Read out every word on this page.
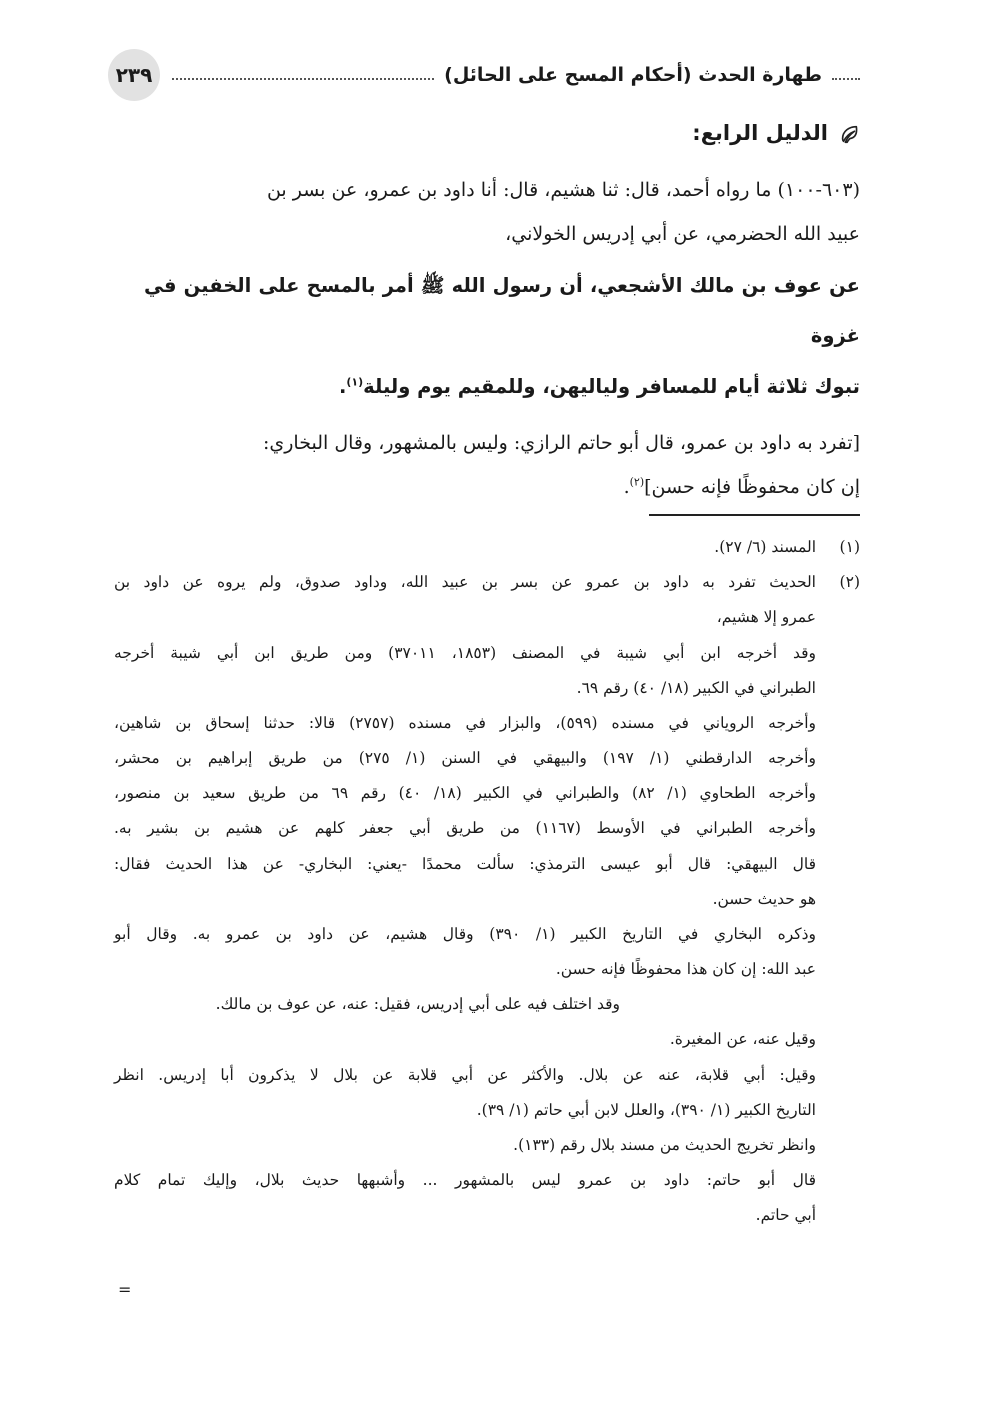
طهارة الحدث (أحكام المسح على الحائل)
٢٣٩
الدليل الرابع:

(٦٠٣-١٠٠) ما رواه أحمد، قال: ثنا هشيم، قال: أنا داود بن عمرو، عن بسر بن
عبيد الله الحضرمي، عن أبي إدريس الخولاني،

عن عوف بن مالك الأشجعي، أن رسول الله ﷺ أمر بالمسح على الخفين في غزوة
تبوك ثلاثة أيام للمسافر ولياليهن، وللمقيم يوم وليلة$^{(١)}$.

[تفرد به داود بن عمرو، قال أبو حاتم الرازي: وليس بالمشهور، وقال البخاري:
إن كان محفوظًا فإنه حسن]$^{(٢)}$.

(١)
المسند (٦/ ٢٧).
(٢)
الحديث تفرد به داود بن عمرو عن بسر بن عبيد الله، وداود صدوق، ولم يروه عن داود بن
عمرو إلا هشيم،
وقد أخرجه ابن أبي شيبة في المصنف (١٨٥٣، ٣٧٠١١) ومن طريق ابن أبي شيبة أخرجه
الطبراني في الكبير (١٨/ ٤٠) رقم ٦٩.
وأخرجه الروياني في مسنده (٥٩٩)، والبزار في مسنده (٢٧٥٧) قالا: حدثنا إسحاق بن شاهين،
وأخرجه الدارقطني (١/ ١٩٧) والبيهقي في السنن (١/ ٢٧٥) من طريق إبراهيم بن محشر،
وأخرجه الطحاوي (١/ ٨٢) والطبراني في الكبير (١٨/ ٤٠) رقم ٦٩ من طريق سعيد بن منصور،
وأخرجه الطبراني في الأوسط (١١٦٧) من طريق أبي جعفر كلهم عن هشيم بن بشير به.
قال البيهقي: قال أبو عيسى الترمذي: سألت محمدًا -يعني: البخاري- عن هذا الحديث فقال:
هو حديث حسن.
وذكره البخاري في التاريخ الكبير (١/ ٣٩٠) وقال هشيم، عن داود بن عمرو به. وقال أبو
عبد الله: إن كان هذا محفوظًا فإنه حسن.
وقد اختلف فيه على أبي إدريس، فقيل: عنه، عن عوف بن مالك.
وقيل عنه، عن المغيرة.
وقيل: أبي قلابة، عنه عن بلال. والأكثر عن أبي قلابة عن بلال لا يذكرون أبا إدريس. انظر
التاريخ الكبير (١/ ٣٩٠)، والعلل لابن أبي حاتم (١/ ٣٩).
وانظر تخريج الحديث من مسند بلال رقم (١٣٣).
قال أبو حاتم: داود بن عمرو ليس بالمشهور ... وأشبهها حديث بلال، وإليك تمام كلام
أبي حاتم.
=
